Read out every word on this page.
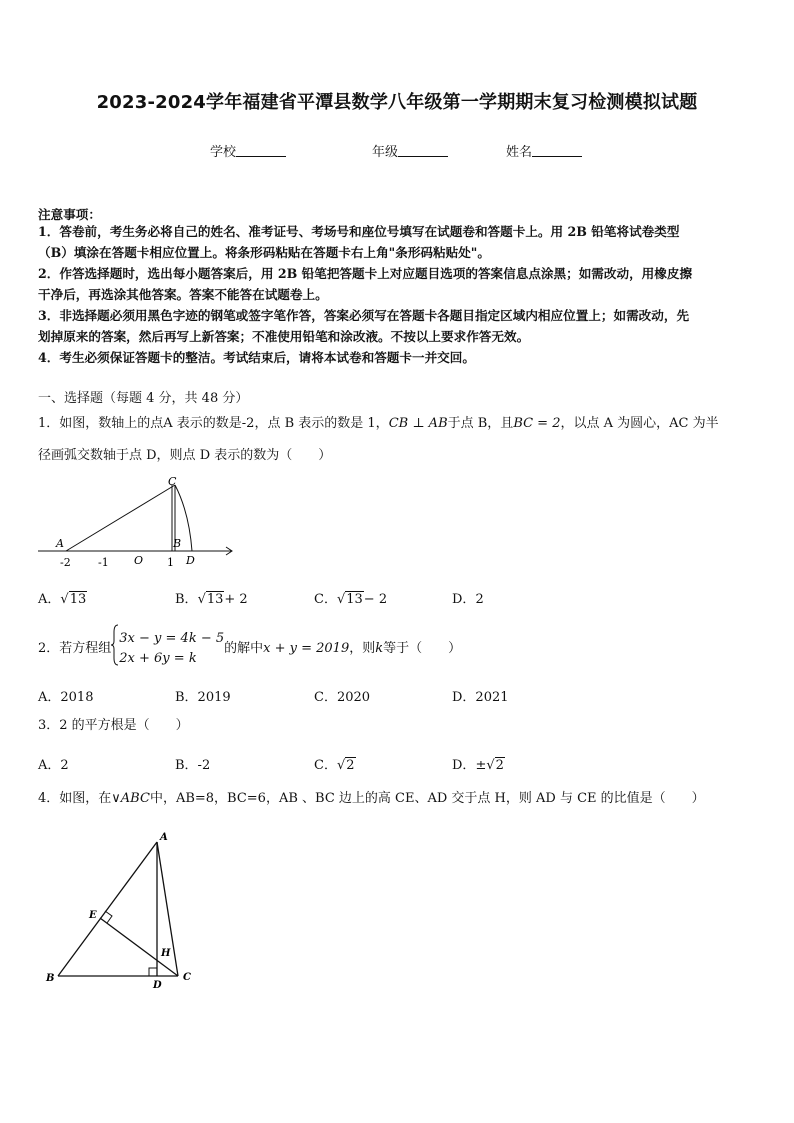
2023-2024学年福建省平潭县数学八年级第一学期期末复习检测模拟试题
学校	年级	姓名
注意事项：
1．答卷前，考生务必将自己的姓名、准考证号、考场号和座位号填写在试题卷和答题卡上。用 2B 铅笔将试卷类型
（B）填涂在答题卡相应位置上。将条形码粘贴在答题卡右上角"条形码粘贴处"。
2．作答选择题时，选出每小题答案后，用 2B 铅笔把答题卡上对应题目选项的答案信息点涂黑；如需改动，用橡皮擦
干净后，再选涂其他答案。答案不能答在试题卷上。
3．非选择题必须用黑色字迹的钢笔或签字笔作答，答案必须写在答题卡各题目指定区域内相应位置上；如需改动，先
划掉原来的答案，然后再写上新答案；不准使用铅笔和涂改液。不按以上要求作答无效。
4．考生必须保证答题卡的整洁。考试结束后，请将本试卷和答题卡一并交回。
一、选择题（每题 4 分，共 48 分）
1．如图，数轴上的点A 表示的数是-2，点 B 表示的数是 1，CB ⊥ AB于点 B，且BC = 2，以点 A 为圆心，AC 为半
径画弧交数轴于点 D，则点 D 表示的数为（　　）
A
C
B
D
O
-2 -1	1
A．√13	B．√13+ 2	C．√13− 2	D．2
2．若方程组
3x − y = 4k − 5
2x + 6y = k
的解中x + y = 2019，则k等于（　　）
A．2018	B．2019	C．2020	D．2021
3．2 的平方根是（　　）
A．2	B．-2	C．√2	D．±√2
4．如图，在∨ABC中，AB=8，BC=6，AB 、BC 边上的高 CE、AD 交于点 H，则 AD 与 CE 的比值是（　　）
A
B	C
D
E
H
